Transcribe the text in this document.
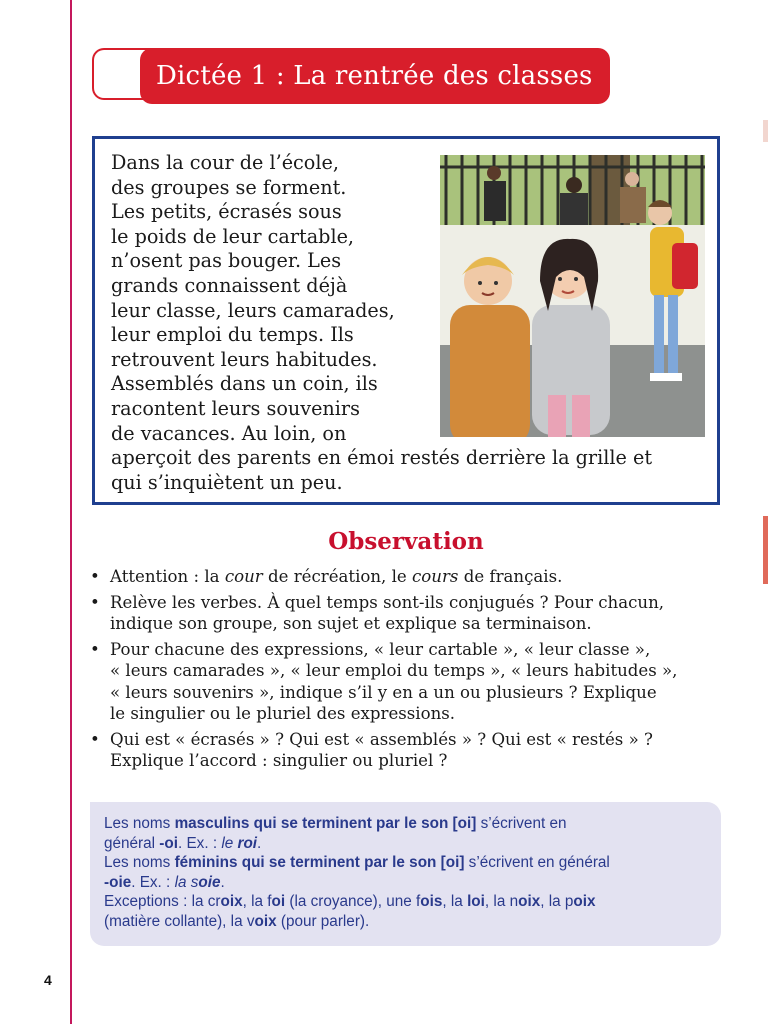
Dictée 1 : La rentrée des classes
Dans la cour de l’école,
des groupes se forment.
Les petits, écrasés sous
le poids de leur cartable,
n’osent pas bouger. Les
grands connaissent déjà
leur classe, leurs camarades,
leur emploi du temps. Ils
retrouvent leurs habitudes.
Assemblés dans un coin, ils
racontent leurs souvenirs
de vacances. Au loin, on
aperçoit des parents en émoi restés derrière la grille et
qui s’inquiètent un peu.
Observation
• Attention : la cour de récréation, le cours de français.
• Relève les verbes. À quel temps sont-ils conjugués ? Pour chacun,
indique son groupe, son sujet et explique sa terminaison.
• Pour chacune des expressions, « leur cartable », « leur classe »,
« leurs camarades », « leur emploi du temps », « leurs habitudes »,
« leurs souvenirs », indique s’il y en a un ou plusieurs ? Explique
le singulier ou le pluriel des expressions.
• Qui est « écrasés » ? Qui est « assemblés » ? Qui est « restés » ?
Explique l’accord : singulier ou pluriel ?
Les noms masculins qui se terminent par le son [oi] s’écrivent en
général -oi. Ex. : le roi.
Les noms féminins qui se terminent par le son [oi] s’écrivent en général
-oie. Ex. : la soie.
Exceptions : la croix, la foi (la croyance), une fois, la loi, la noix, la poix
(matière collante), la voix (pour parler).
4
